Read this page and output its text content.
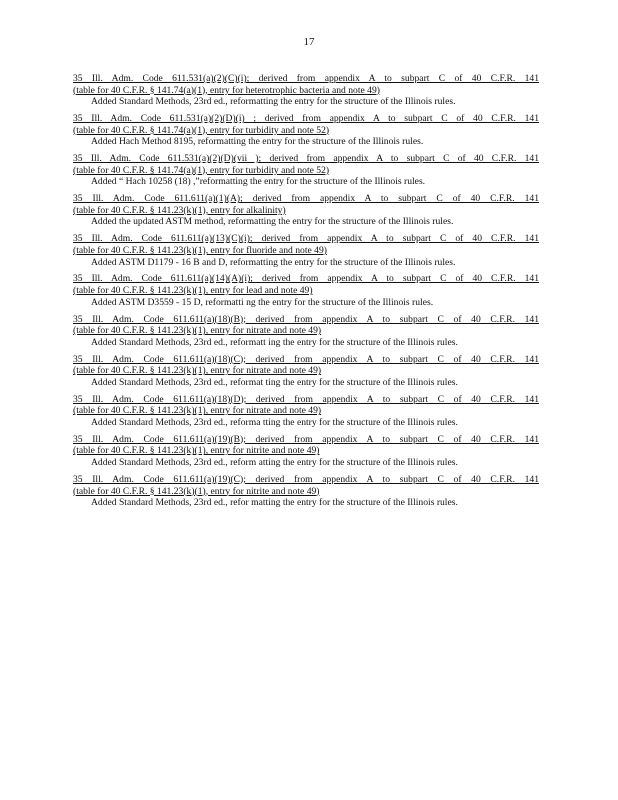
17
35 Ill. Adm. Code 611.531(a)(2)(C)(i); derived from appendix A to subpart C of 40 C.F.R. 141
(table for 40 C.F.R. § 141.74(a)(1), entry for heterotrophic bacteria and note 49)
Added Standard Methods, 23rd ed., reformatting the entry for the structure of the Illinois rules.
35 Ill. Adm. Code 611.531(a)(2)(D)(i) ; derived from appendix A to subpart C of 40 C.F.R. 141
(table for 40 C.F.R. § 141.74(a)(1), entry for turbidity and note 52)
Added Hach Method 8195, reformatting the entry for the structure of the Illinois rules.
35 Ill. Adm. Code 611.531(a)(2)(D)(vii ); derived from appendix A to subpart C of 40 C.F.R. 141
(table for 40 C.F.R. § 141.74(a)(1), entry for turbidity and note 52)
Added “ Hach 10258 (18) ,”reformatting the entry for the structure of the Illinois rules.
35 Ill. Adm. Code 611.611(a)(1)(A); derived from appendix A to subpart C of 40 C.F.R. 141
(table for 40 C.F.R. § 141.23(k)(1), entry for alkalinity)
Added the updated ASTM method, reformatting the entry for the structure of the Illinois rules.
35 Ill. Adm. Code 611.611(a)(13)(C)(i); derived from appendix A to subpart C of 40 C.F.R. 141
(table for 40 C.F.R. § 141.23(k)(1), entry for fluoride and note 49)
Added ASTM D1179 - 16 B and D, reformatting the entry for the structure of the Illinois rules.
35 Ill. Adm. Code 611.611(a)(14)(A)(i); derived from appendix A to subpart C of 40 C.F.R. 141
(table for 40 C.F.R. § 141.23(k)(1), entry for lead and note 49)
Added ASTM D3559 - 15 D, reformatti ng the entry for the structure of the Illinois rules.
35 Ill. Adm. Code 611.611(a)(18)(B); derived from appendix A to subpart C of 40 C.F.R. 141
(table for 40 C.F.R. § 141.23(k)(1), entry for nitrate and note 49)
Added Standard Methods, 23rd ed., reformatt ing the entry for the structure of the Illinois rules.
35 Ill. Adm. Code 611.611(a)(18)(C); derived from appendix A to subpart C of 40 C.F.R. 141
(table for 40 C.F.R. § 141.23(k)(1), entry for nitrate and note 49)
Added Standard Methods, 23rd ed., reformat ting the entry for the structure of the Illinois rules.
35 Ill. Adm. Code 611.611(a)(18)(D); derived from appendix A to subpart C of 40 C.F.R. 141
(table for 40 C.F.R. § 141.23(k)(1), entry for nitrate and note 49)
Added Standard Methods, 23rd ed., reforma tting the entry for the structure of the Illinois rules.
35 Ill. Adm. Code 611.611(a)(19)(B); derived from appendix A to subpart C of 40 C.F.R. 141
(table for 40 C.F.R. § 141.23(k)(1), entry for nitrite and note 49)
Added Standard Methods, 23rd ed., reform atting the entry for the structure of the Illinois rules.
35 Ill. Adm. Code 611.611(a)(19)(C); derived from appendix A to subpart C of 40 C.F.R. 141
(table for 40 C.F.R. § 141.23(k)(1), entry for nitrite and note 49)
Added Standard Methods, 23rd ed., refor matting the entry for the structure of the Illinois rules.
